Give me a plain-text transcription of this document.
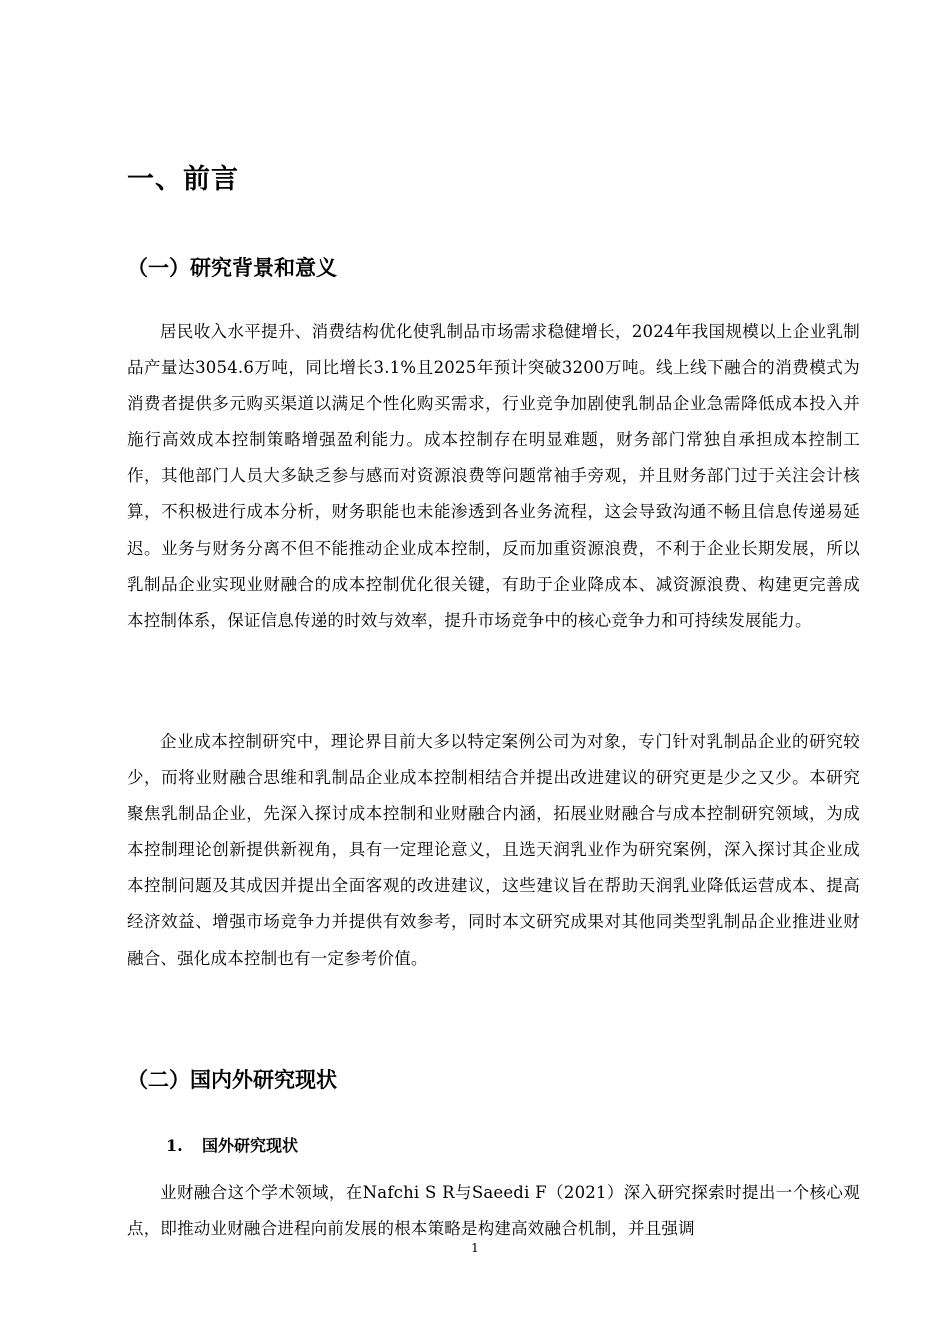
一、前言
（一）研究背景和意义

居民收入水平提升、消费结构优化使乳制品市场需求稳健增长，2024年我国规模以上企业乳制品产量达3054.6万吨，同比增长3.1%且2025年预计突破3200万吨。线上线下融合的消费模式为消费者提供多元购买渠道以满足个性化购买需求，行业竞争加剧使乳制品企业急需降低成本投入并施行高效成本控制策略增强盈利能力。成本控制存在明显难题，财务部门常独自承担成本控制工作，其他部门人员大多缺乏参与感而对资源浪费等问题常袖手旁观，并且财务部门过于关注会计核算，不积极进行成本分析，财务职能也未能渗透到各业务流程，这会导致沟通不畅且信息传递易延迟。业务与财务分离不但不能推动企业成本控制，反而加重资源浪费，不利于企业长期发展，所以乳制品企业实现业财融合的成本控制优化很关键，有助于企业降成本、减资源浪费、构建更完善成本控制体系，保证信息传递的时效与效率，提升市场竞争中的核心竞争力和可持续发展能力。

企业成本控制研究中，理论界目前大多以特定案例公司为对象，专门针对乳制品企业的研究较少，而将业财融合思维和乳制品企业成本控制相结合并提出改进建议的研究更是少之又少。本研究聚焦乳制品企业，先深入探讨成本控制和业财融合内涵，拓展业财融合与成本控制研究领域，为成本控制理论创新提供新视角，具有一定理论意义，且选天润乳业作为研究案例，深入探讨其企业成本控制问题及其成因并提出全面客观的改进建议，这些建议旨在帮助天润乳业降低运营成本、提高经济效益、增强市场竞争力并提供有效参考，同时本文研究成果对其他同类型乳制品企业推进业财融合、强化成本控制也有一定参考价值。

（二）国内外研究现状
1. 国外研究现状

业财融合这个学术领域，在Nafchi S R与Saeedi F（2021）深入研究探索时提出一个核心观点，即推动业财融合进程向前发展的根本策略是构建高效融合机制，并且强调

1
